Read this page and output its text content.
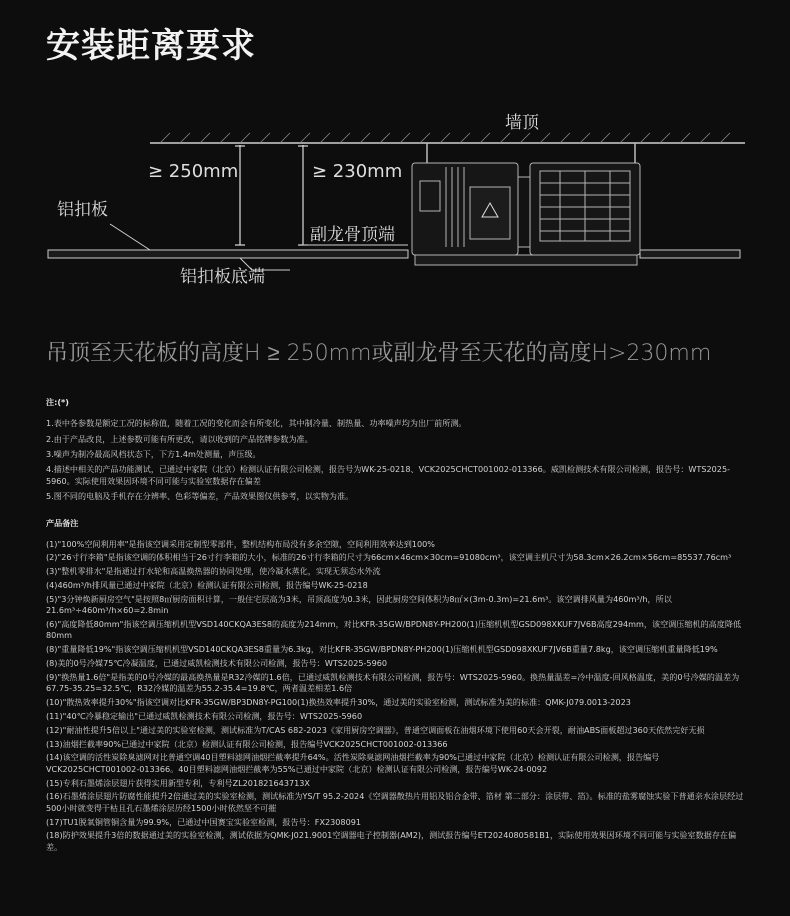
安装距离要求
墙顶
≥ 250mm	≥ 230mm
副龙骨顶端
铝扣板
铝扣板底端
吊顶至天花板的高度H ≥ 250mm或副龙骨至天花的高度H>230mm
注:(*)
1.表中各参数是额定工况的标称值，随着工况的变化而会有所变化，其中制冷量、制热量、功率噪声均为出厂前所测。
2.由于产品改良，上述参数可能有所更改，请以收到的产品铭牌参数为准。
3.噪声为制冷最高风档状态下，下方1.4m处测量，声压级。
4.描述中相关的产品功能测试，已通过中家院（北京）检测认证有限公司检测，报告号为WK-25-0218、VCK2025CHCT001002-013366。威凯检测技术有限公司检测，报告号：WTS2025-5960。实际使用效果因环境不同可能与实验室数据存在偏差
5.图不同的电脑及手机存在分辨率、色彩等偏差，产品效果图仅供参考，以实物为准。
产品备注
(1)"100%空间利用率"是指该空调采用定制型零部件，整机结构布局没有多余空隙，空间利用效率达到100%
(2)"26寸行李箱"是指该空调的体积相当于26寸行李箱的大小，标准的26寸行李箱的尺寸为66cm×46cm×30cm=91080cm³，该空调主机尺寸为58.3cm×26.2cm×56cm=85537.76cm³
(3)"整机零排水"是指通过打水轮和高温换热器的协同处理，使冷凝水蒸化，实现无须态水外流
(4)460m³/h排风量已通过中家院（北京）检测认证有限公司检测，报告编号WK-25-0218
(5)"3分钟焕新厨房空气"是按照8㎡厨房面积计算，一般住宅层高为3米，吊顶高度为0.3米，因此厨房空间体积为8㎡×(3m-0.3m)=21.6m³。该空调排风量为460m³/h，所以21.6m³÷460m³/h×60=2.8min
(6)"高度降低80mm"指该空调压缩机机型VSD140CKQA3ES8的高度为214mm，对比KFR-35GW/BPDN8Y-PH200(1)压缩机机型GSD098XKUF7JV6B高度294mm，该空调压缩机的高度降低80mm
(8)"重量降低19%"指该空调压缩机机型VSD140CKQA3ES8重量为6.3kg，对比KFR-35GW/BPDN8Y-PH200(1)压缩机机型GSD098XKUF7JV6B重量7.8kg，该空调压缩机重量降低19%
(8)美的0号冷媒75℃冷凝温度，已通过威凯检测技术有限公司检测，报告号：WTS2025-5960
(9)"换热量1.6倍"是指美的0号冷媒的最高换热量是R32冷媒的1.6倍，已通过威凯检测技术有限公司检测，报告号：WTS2025-5960。换热量温差=冷中温度-回风格温度，美的0号冷媒的温差为67.75-35.25=32.5℃，R32冷媒的温差为55.2-35.4=19.8℃，两者温差相差1.6倍
(10)"散热效率提升30%"指该空调对比KFR-35GW/BP3DN8Y-PG100(1)换热效率提升30%，通过美的实验室检测，测试标准为美的标准：QMK-J079.0013-2023
(11)"40℃冷暴稳定输出"已通过威凯检测技术有限公司检测，报告号：WTS2025-5960
(12)"耐油性提升5倍以上"通过美的实验室检测，测试标准为T/CAS 682-2023《家用厨房空调器》，普通空调面板在油烟环境下使用60天会开裂，耐油ABS面板超过360天依然完好无损
(13)油烟拦截率90%已通过中家院（北京）检测认证有限公司检测，报告编号VCK2025CHCT001002-013366
(14)该空调的活性炭除臭滤网对比普通空调40目塑料滤网油烟拦截率提升64%。活性炭除臭滤网油烟拦截率为90%已通过中家院（北京）检测认证有限公司检测，报告编号VCK2025CHCT001002-013366。40目塑料滤网油烟拦截率为55%已通过中家院（北京）检测认证有限公司检测，报告编号WK-24-0092
(15)专利石墨烯涂层翅片获得实用新型专利，专利号ZL201821643713X
(16)石墨烯涂层翅片防腐性能提升2倍通过美的实验室检测，测试标准为YS/T 95.2-2024《空调器散热片用铝及铝合金带、箔材 第二部分：涂层带、箔》。标准的盐雾腐蚀实验下普通亲水涂层经过500小时就变得干枯且孔石墨烯涂层历经1500小时依然坚不可摧
(17)TU1脱氧铜管铜含量为99.9%，已通过中国赛宝实验室检测，报告号：FX2308091
(18)防护效果提升3倍的数据通过美的实验室检测，测试依据为QMK-J021.9001空调器电子控制器(AM2)，测试报告编号ET2024080581B1，实际使用效果因环境不同可能与实验室数据存在偏差。
